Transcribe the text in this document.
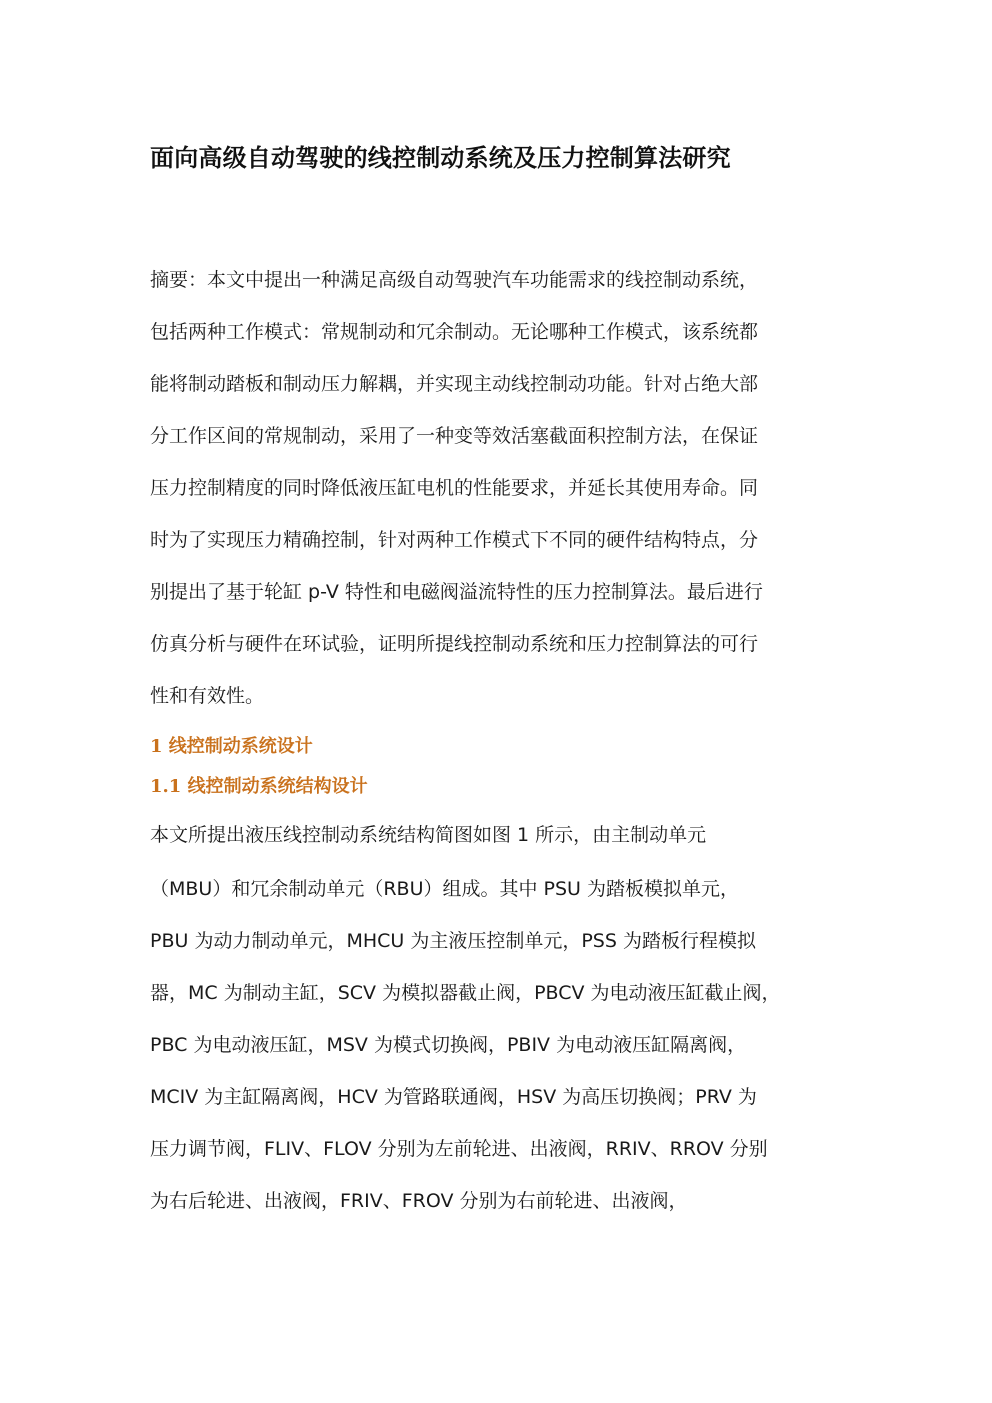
面向高级自动驾驶的线控制动系统及压力控制算法研究
摘要：本文中提出一种满足高级自动驾驶汽车功能需求的线控制动系统，
包括两种工作模式：常规制动和冗余制动。无论哪种工作模式，该系统都
能将制动踏板和制动压力解耦，并实现主动线控制动功能。针对占绝大部
分工作区间的常规制动，采用了一种变等效活塞截面积控制方法，在保证
压力控制精度的同时降低液压缸电机的性能要求，并延长其使用寿命。同
时为了实现压力精确控制，针对两种工作模式下不同的硬件结构特点，分
别提出了基于轮缸 p-V 特性和电磁阀溢流特性的压力控制算法。最后进行
仿真分析与硬件在环试验，证明所提线控制动系统和压力控制算法的可行
性和有效性。
1 线控制动系统设计
1.1 线控制动系统结构设计
本文所提出液压线控制动系统结构简图如图 1 所示，由主制动单元
（MBU）和冗余制动单元（RBU）组成。其中 PSU 为踏板模拟单元，
PBU 为动力制动单元，MHCU 为主液压控制单元，PSS 为踏板行程模拟
器，MC 为制动主缸，SCV 为模拟器截止阀，PBCV 为电动液压缸截止阀，
PBC 为电动液压缸，MSV 为模式切换阀，PBIV 为电动液压缸隔离阀，
MCIV 为主缸隔离阀，HCV 为管路联通阀，HSV 为高压切换阀；PRV 为
压力调节阀，FLIV、FLOV 分别为左前轮进、出液阀，RRIV、RROV 分别
为右后轮进、出液阀，FRIV、FROV 分别为右前轮进、出液阀，
